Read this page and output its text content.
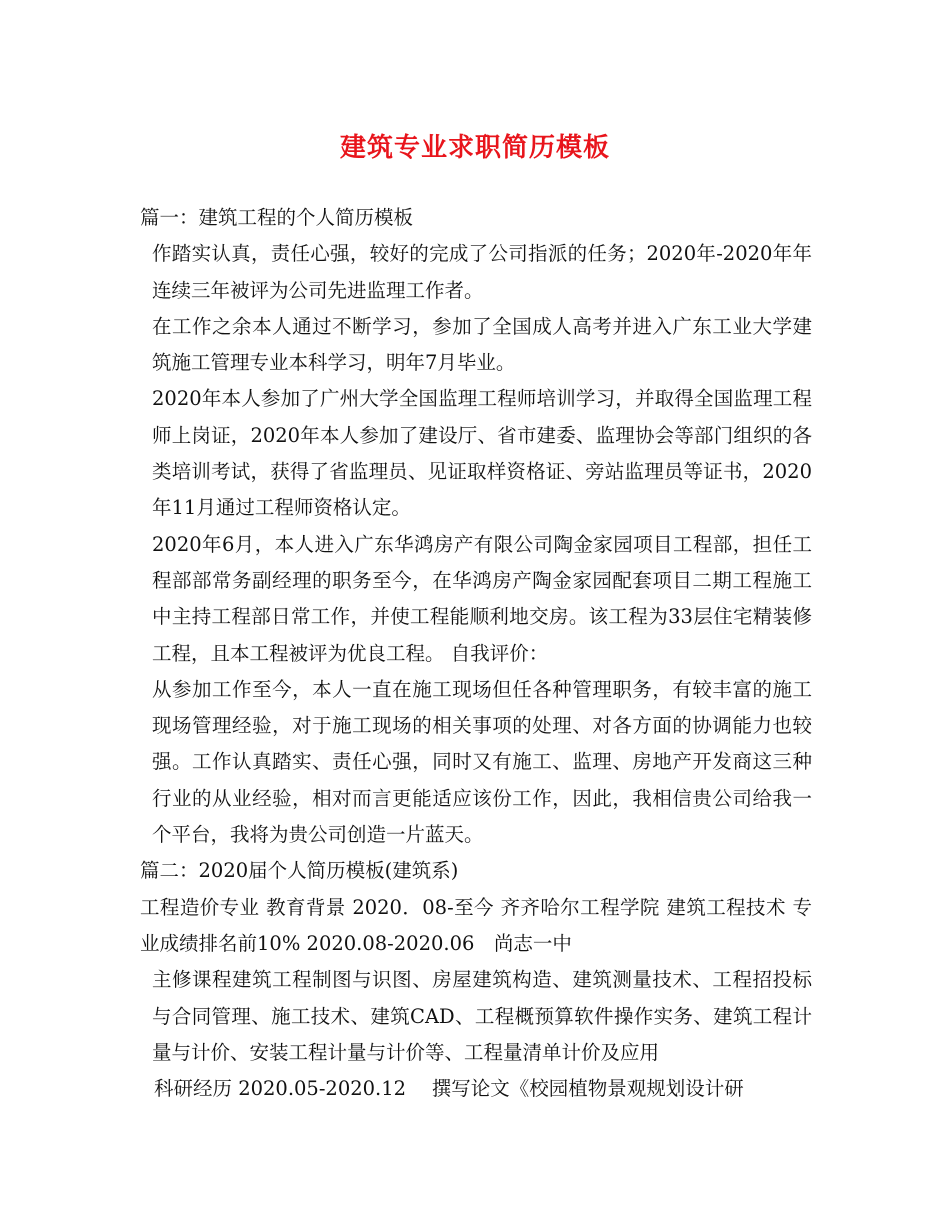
建筑专业求职简历模板

篇一：建筑工程的个人简历模板

作踏实认真，责任心强，较好的完成了公司指派的任务；2020年-2020年年连续三年被评为公司先进监理工作者。

在工作之余本人通过不断学习，参加了全国成人高考并进入广东工业大学建筑施工管理专业本科学习，明年7月毕业。

2020年本人参加了广州大学全国监理工程师培训学习，并取得全国监理工程师上岗证，2020年本人参加了建设厅、省市建委、监理协会等部门组织的各类培训考试，获得了省监理员、见证取样资格证、旁站监理员等证书，2020年11月通过工程师资格认定。

2020年6月，本人进入广东华鸿房产有限公司陶金家园项目工程部，担任工程部部常务副经理的职务至今，在华鸿房产陶金家园配套项目二期工程施工中主持工程部日常工作，并使工程能顺利地交房。该工程为33层住宅精装修工程，且本工程被评为优良工程。 自我评价：

从参加工作至今，本人一直在施工现场但任各种管理职务，有较丰富的施工现场管理经验，对于施工现场的相关事项的处理、对各方面的协调能力也较强。工作认真踏实、责任心强，同时又有施工、监理、房地产开发商这三种行业的从业经验，相对而言更能适应该份工作，因此，我相信贵公司给我一个平台，我将为贵公司创造一片蓝天。

篇二：2020届个人简历模板(建筑系)

工程造价专业 教育背景 2020．08-至今 齐齐哈尔工程学院 建筑工程技术 专业成绩排名前10% 2020.08-2020.06　尚志一中

主修课程建筑工程制图与识图、房屋建筑构造、建筑测量技术、工程招投标与合同管理、施工技术、建筑CAD、工程概预算软件操作实务、建筑工程计量与计价、安装工程计量与计价等、工程量清单计价及应用

科研经历 2020.05-2020.12　 撰写论文《校园植物景观规划设计研
